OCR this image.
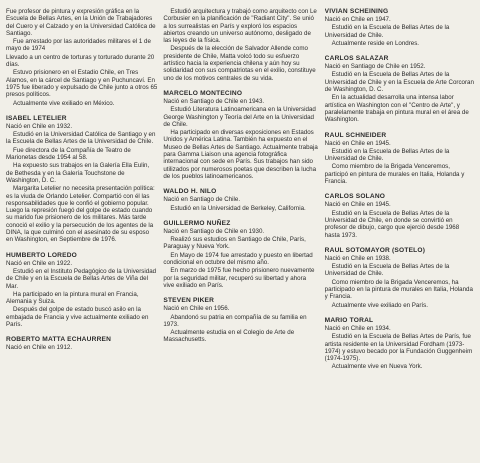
Fue profesor de pintura y expresión gráfica en la Escuela de Bellas Artes, en la Unión de Trabajadores del Cuero y el Calzado y en la Universidad Católica de Santiago.

Fue arrestado por las autoridades militares el 1 de mayo de 1974

Llevado a un centro de torturas y torturado durante 20 días.

Estuvo prisionero en el Estadio Chile, en Tres Alamos, en la cárcel de Santiago y en Puchuncaví. En 1975 fue liberado y expulsado de Chile junto a otros 65 presos políticos.

Actualmente vive exiliado en México.

ISABEL LETELIER

Nació en Chile en 1932.

Estudió en la Universidad Católica de Santiago y en la Escuela de Bellas Artes de la Universidad de Chile.

Fue directora de la Compañía de Teatro de Marionetas desde 1954 al 58.

Ha expuesto sus trabajos en la Galería Ella Eulin, de Bethesda y en la Galería Touchstone de Washington, D. C.

Margarita Letelier no necesita presentación política: es la viuda de Orlando Letelier. Compartió con él las responsabilidades que le confió el gobierno popular. Luego la represión fuegó del golpe de estado cuando su marido fue prisionero de los militares. Más tarde conoció el exilio y la persecución de los agentes de la DINA, la que culminó con el asesinato de su esposo en Washington, en Septiembre de 1976.

HUMBERTO LOREDO

Nació en Chile en 1922.

Estudió en el Instituto Pedagógico de la Universidad de Chile y en la Escuela de Bellas Artes de Viña del Mar.

Ha participado en la pintura mural en Francia, Alemania y Suiza.

Después del golpe de estado buscó asilo en la embajada de Francia y vive actualmente exiliado en París.

ROBERTO MATTA ECHAURREN

Nació en Chile en 1912.

Estudió arquitectura y trabajó como arquitecto con Le Corbusier en la planificación de "Radiant City". Se unió a los surrealistas en París y exploró los espacios abiertos creando un universo autónomo, desligado de las leyes de la física.

Después de la elección de Salvador Allende como presidente de Chile, Matta volcó todo su esfuerzo artístico hacia la experiencia chilena y aún hoy su solidaridad con sus compatriotas en el exilio, constituye uno de los motivos centrales de su vida.

MARCELO MONTECINO

Nació en Santiago de Chile en 1943.

Estudió Literatura Latinoamericana en la Universidad George Washington y Teoría del Arte en la Universidad de Chile.

Ha participado en diversas exposiciones en Estados Unidos y América Latina. También ha expuesto en el Museo de Bellas Artes de Santiago. Actualmente trabaja para Gamma Liaison una agencia fotográfica internacional con sede en París. Sus trabajos han sido utilizados por numerosos poetas que describen la lucha de los pueblos latinoamericanos.

WALDO H. NILO

Nació en Santiago de Chile.

Estudió en la Universidad de Berkeley, California.

GUILLERMO NUÑEZ

Nació en Santiago de Chile en 1930.

Realizó sus estudios en Santiago de Chile, París, Paraguay y Nueva York.

En Mayo de 1974 fue arrestado y puesto en libertad condicional en octubre del mismo año.

En marzo de 1975 fue hecho prisionero nuevamente por la seguridad militar, recuperó su libertad y ahora vive exiliado en París.

STEVEN PIKER

Nació en Chile en 1956.

Abandonó su patria en compañía de su familia en 1973.

Actualmente estudia en el Colegio de Arte de Massachusetts.

VIVIAN SCHEINING

Nació en Chile en 1947.

Estudió en la Escuela de Bellas Artes de la Universidad de Chile.

Actualmente reside en Londres.

CARLOS SALAZAR

Nació en Santiago de Chile en 1952.

Estudió en la Escuela de Bellas Artes de la Universidad de Chile y en la Escuela de Arte Corcoran de Washington, D. C.

En la actualidad desarrolla una intensa labor artística en Washington con el "Centro de Arte", y paralelamente trabaja en pintura mural en el área de Washington.

RAUL SCHNEIDER

Nació en Chile en 1945.

Estudió en la Escuela de Bellas Artes de la Universidad de Chile.

Como miembro de la Brigada Venceremos, participó en pintura de murales en Italia, Holanda y Francia.

CARLOS SOLANO

Nació en Chile en 1945.

Estudió en la Escuela de Bellas Artes de la Universidad de Chile, en donde se convirtió en profesor de dibujo, cargo que ejerció desde 1968 hasta 1973.

RAUL SOTOMAYOR (SOTELO)

Nació en Chile en 1938.

Estudió en la Escuela de Bellas Artes de la Universidad de Chile.

Como miembro de la Brigada Venceremos, ha participado en la pintura de murales en Italia, Holanda y Francia.

Actualmente vive exiliado en París.

MARIO TORAL

Nació en Chile en 1934.

Estudió en la Escuela de Bellas Artes de París, fue artista residente en la Universidad Fordham (1973-1974) y estuvo becado por la Fundación Guggenheim (1974-1975).

Actualmente vive en Nueva York.
